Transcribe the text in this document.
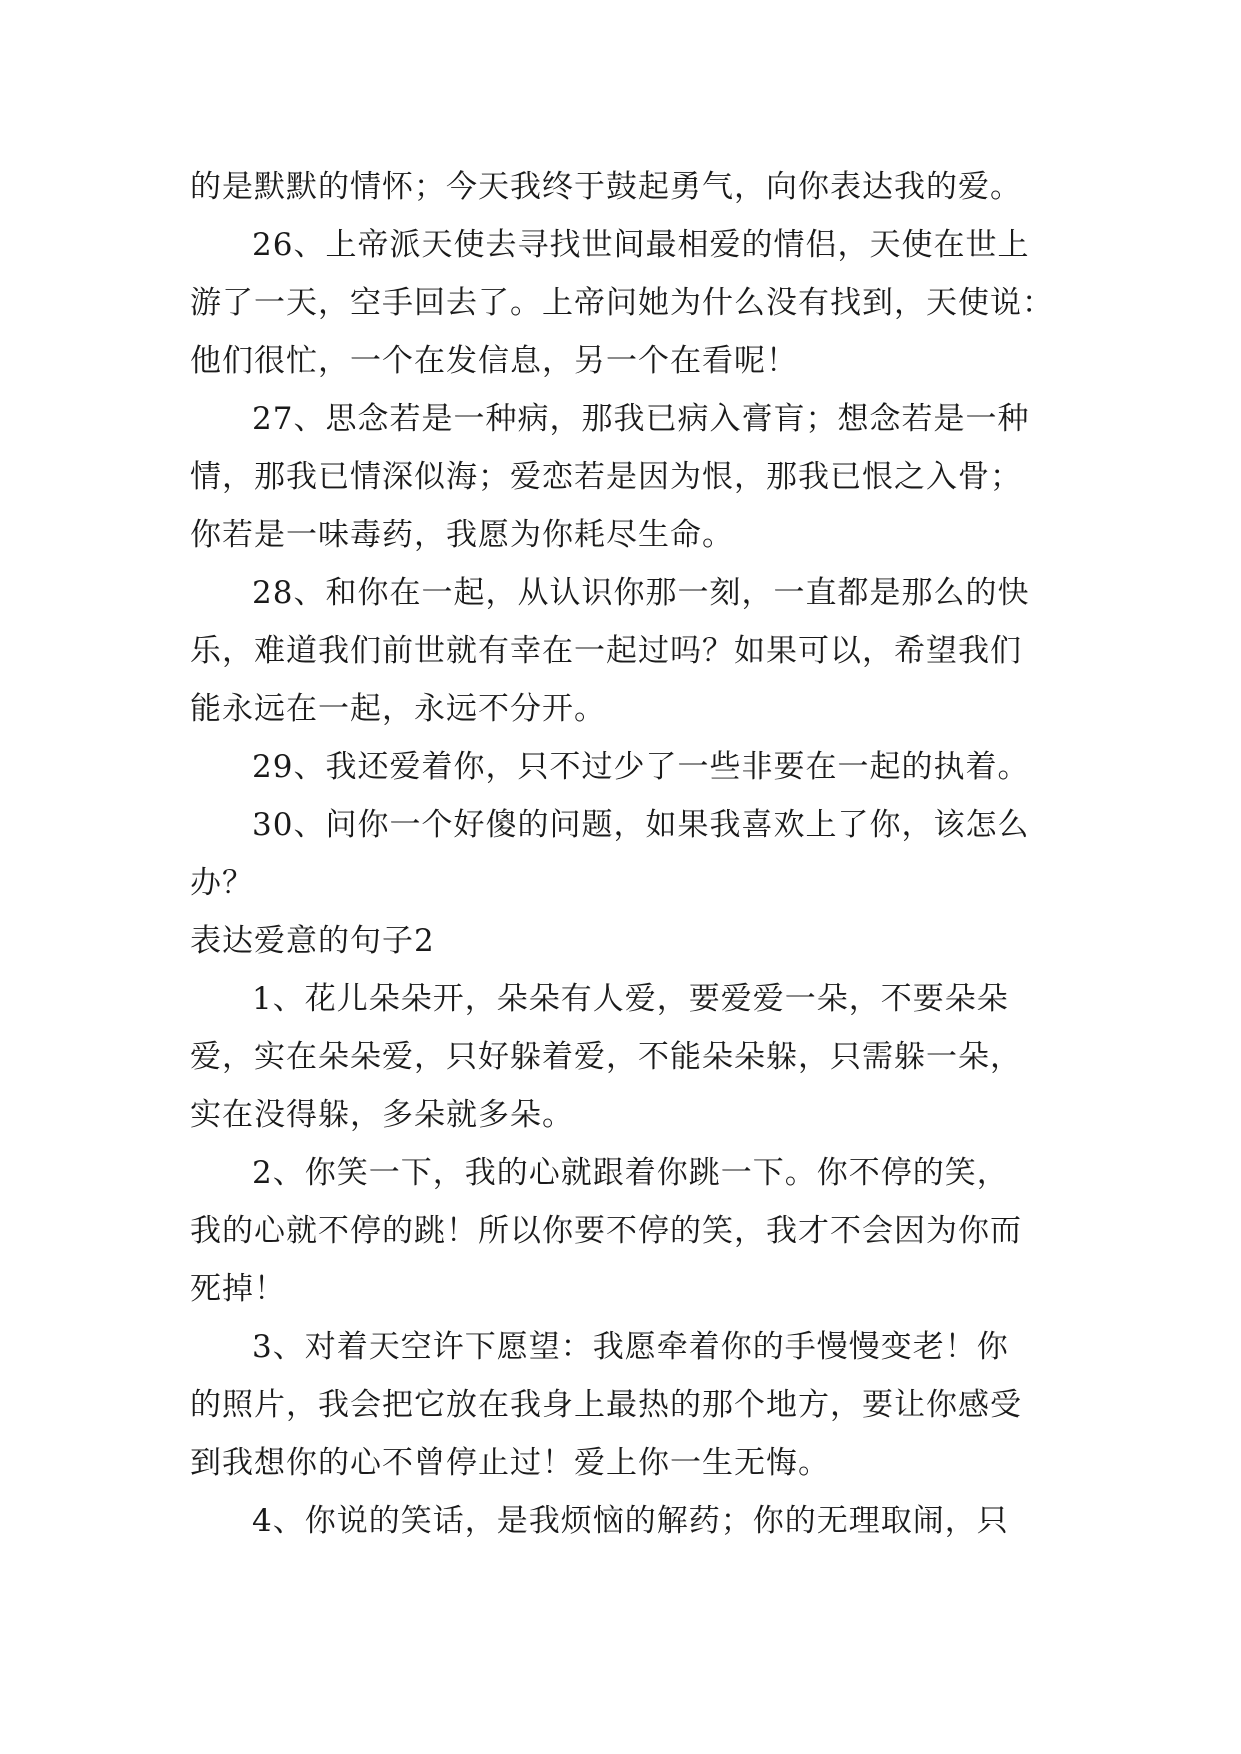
的是默默的情怀；今天我终于鼓起勇气，向你表达我的爱。
26、上帝派天使去寻找世间最相爱的情侣，天使在世上
游了一天，空手回去了。上帝问她为什么没有找到，天使说：
他们很忙，一个在发信息，另一个在看呢！
27、思念若是一种病，那我已病入膏肓；想念若是一种
情，那我已情深似海；爱恋若是因为恨，那我已恨之入骨；
你若是一味毒药，我愿为你耗尽生命。
28、和你在一起，从认识你那一刻，一直都是那么的快
乐，难道我们前世就有幸在一起过吗？如果可以，希望我们
能永远在一起，永远不分开。
29、我还爱着你，只不过少了一些非要在一起的执着。
30、问你一个好傻的问题，如果我喜欢上了你，该怎么
办？
表达爱意的句子2
1、花儿朵朵开，朵朵有人爱，要爱爱一朵，不要朵朵
爱，实在朵朵爱，只好躲着爱，不能朵朵躲，只需躲一朵，
实在没得躲，多朵就多朵。
2、你笑一下，我的心就跟着你跳一下。你不停的笑，
我的心就不停的跳！所以你要不停的笑，我才不会因为你而
死掉！
3、对着天空许下愿望：我愿牵着你的手慢慢变老！你
的照片，我会把它放在我身上最热的那个地方，要让你感受
到我想你的心不曾停止过！爱上你一生无悔。
4、你说的笑话，是我烦恼的解药；你的无理取闹，只
